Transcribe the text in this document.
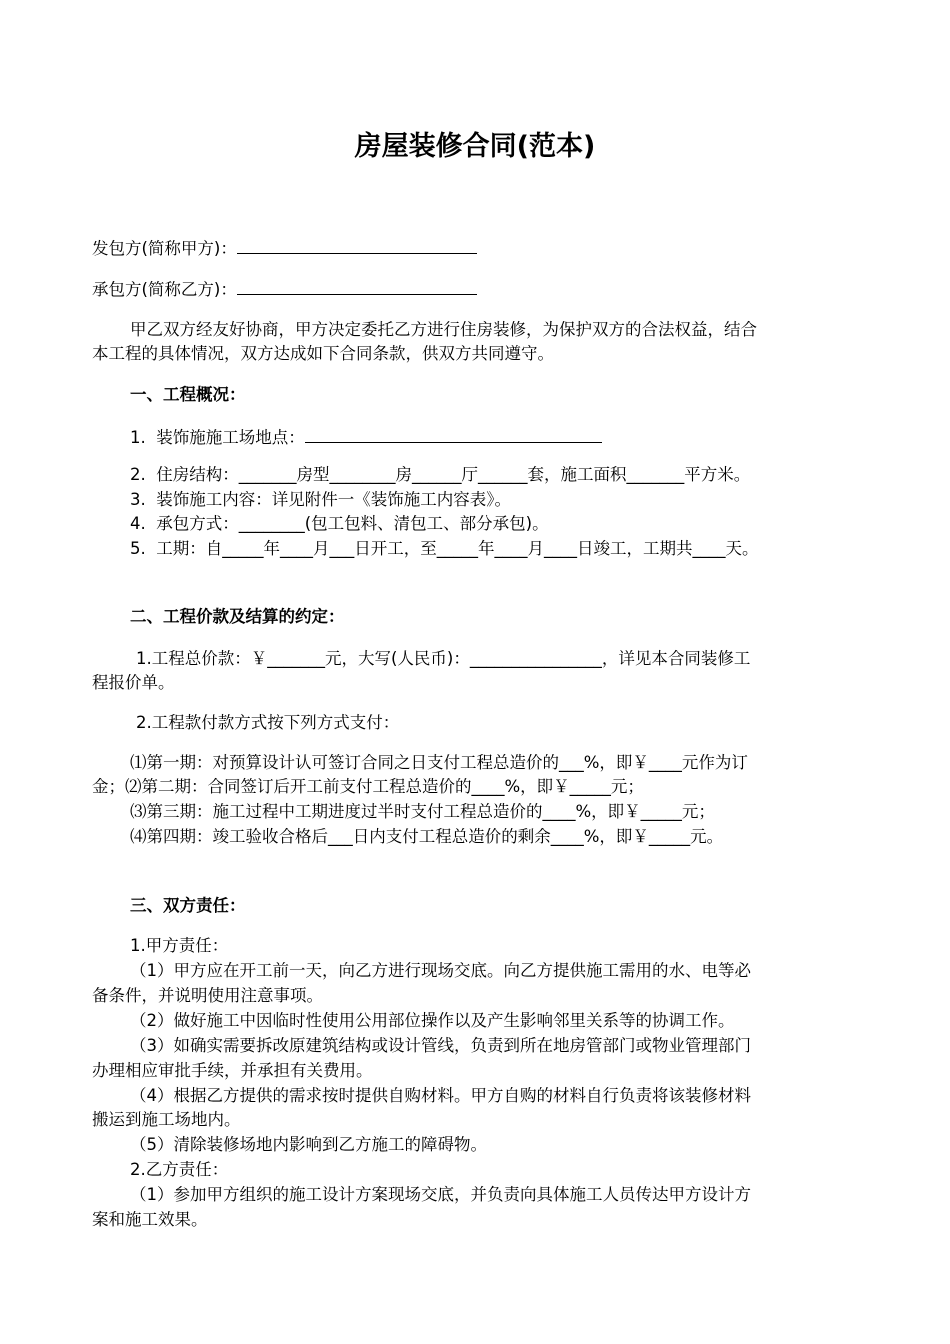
房屋装修合同(范本)
发包方(简称甲方)：
承包方(简称乙方)：
甲乙双方经友好协商，甲方决定委托乙方进行住房装修，为保护双方的合法权益，结合
本工程的具体情况，双方达成如下合同条款，供双方共同遵守。
一、工程概况：
1.  装饰施施工场地点：
2.  住房结构：_______房型________房______厅______套，施工面积_______平方米。
3.  装饰施工内容：详见附件一《装饰施工内容表》。
4.  承包方式：________(包工包料、清包工、部分承包)。
5.  工期：自_____年____月___日开工，至_____年____月____日竣工，工期共____天。
二、工程价款及结算的约定：
1.工程总价款：￥_______元，大写(人民币)：________________，详见本合同装修工
程报价单。
2.工程款付款方式按下列方式支付：
⑴第一期：对预算设计认可签订合同之日支付工程总造价的___%，即￥____元作为订
金；⑵第二期：合同签订后开工前支付工程总造价的____%，即￥_____元；
⑶第三期：施工过程中工期进度过半时支付工程总造价的____%，即￥_____元；
⑷第四期：竣工验收合格后___日内支付工程总造价的剩余____%，即￥_____元。
三、双方责任：
1.甲方责任：
（1）甲方应在开工前一天，向乙方进行现场交底。向乙方提供施工需用的水、电等必
备条件，并说明使用注意事项。
（2）做好施工中因临时性使用公用部位操作以及产生影响邻里关系等的协调工作。
（3）如确实需要拆改原建筑结构或设计管线，负责到所在地房管部门或物业管理部门
办理相应审批手续，并承担有关费用。
（4）根据乙方提供的需求按时提供自购材料。甲方自购的材料自行负责将该装修材料
搬运到施工场地内。
（5）清除装修场地内影响到乙方施工的障碍物。
2.乙方责任：
（1）参加甲方组织的施工设计方案现场交底，并负责向具体施工人员传达甲方设计方
案和施工效果。
